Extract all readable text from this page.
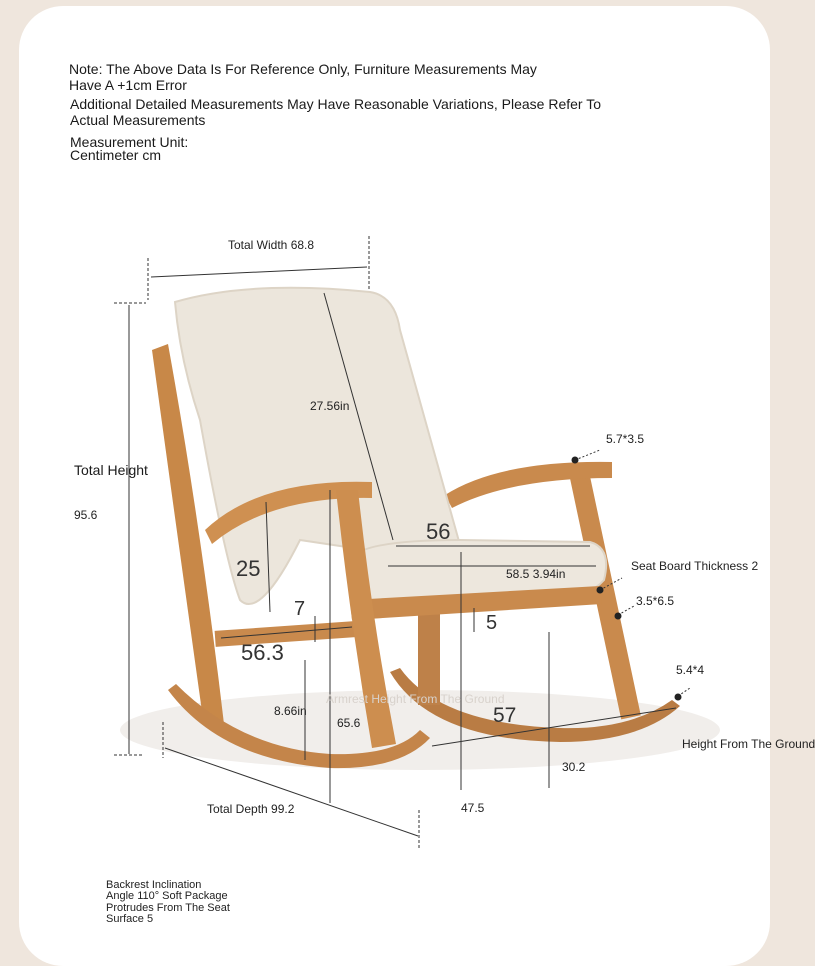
Note: The Above Data Is For Reference Only, Furniture Measurements May
Have A +1cm Error
Additional Detailed Measurements May Have Reasonable Variations, Please Refer To
Actual Measurements
Measurement Unit:
Centimeter cm
Total Width 68.8
27.56in
Total Height
95.6
5.7*3.5
25
56
58.5 3.94in
Seat Board Thickness 2
3.5*6.5
7
5
56.3
5.4*4
Armrest Height From The Ground
57
Height From The Ground
8.66in
65.6
47.5
30.2
Total Depth 99.2
Backrest Inclination
Angle 110° Soft Package
Protrudes From The Seat
Surface 5
